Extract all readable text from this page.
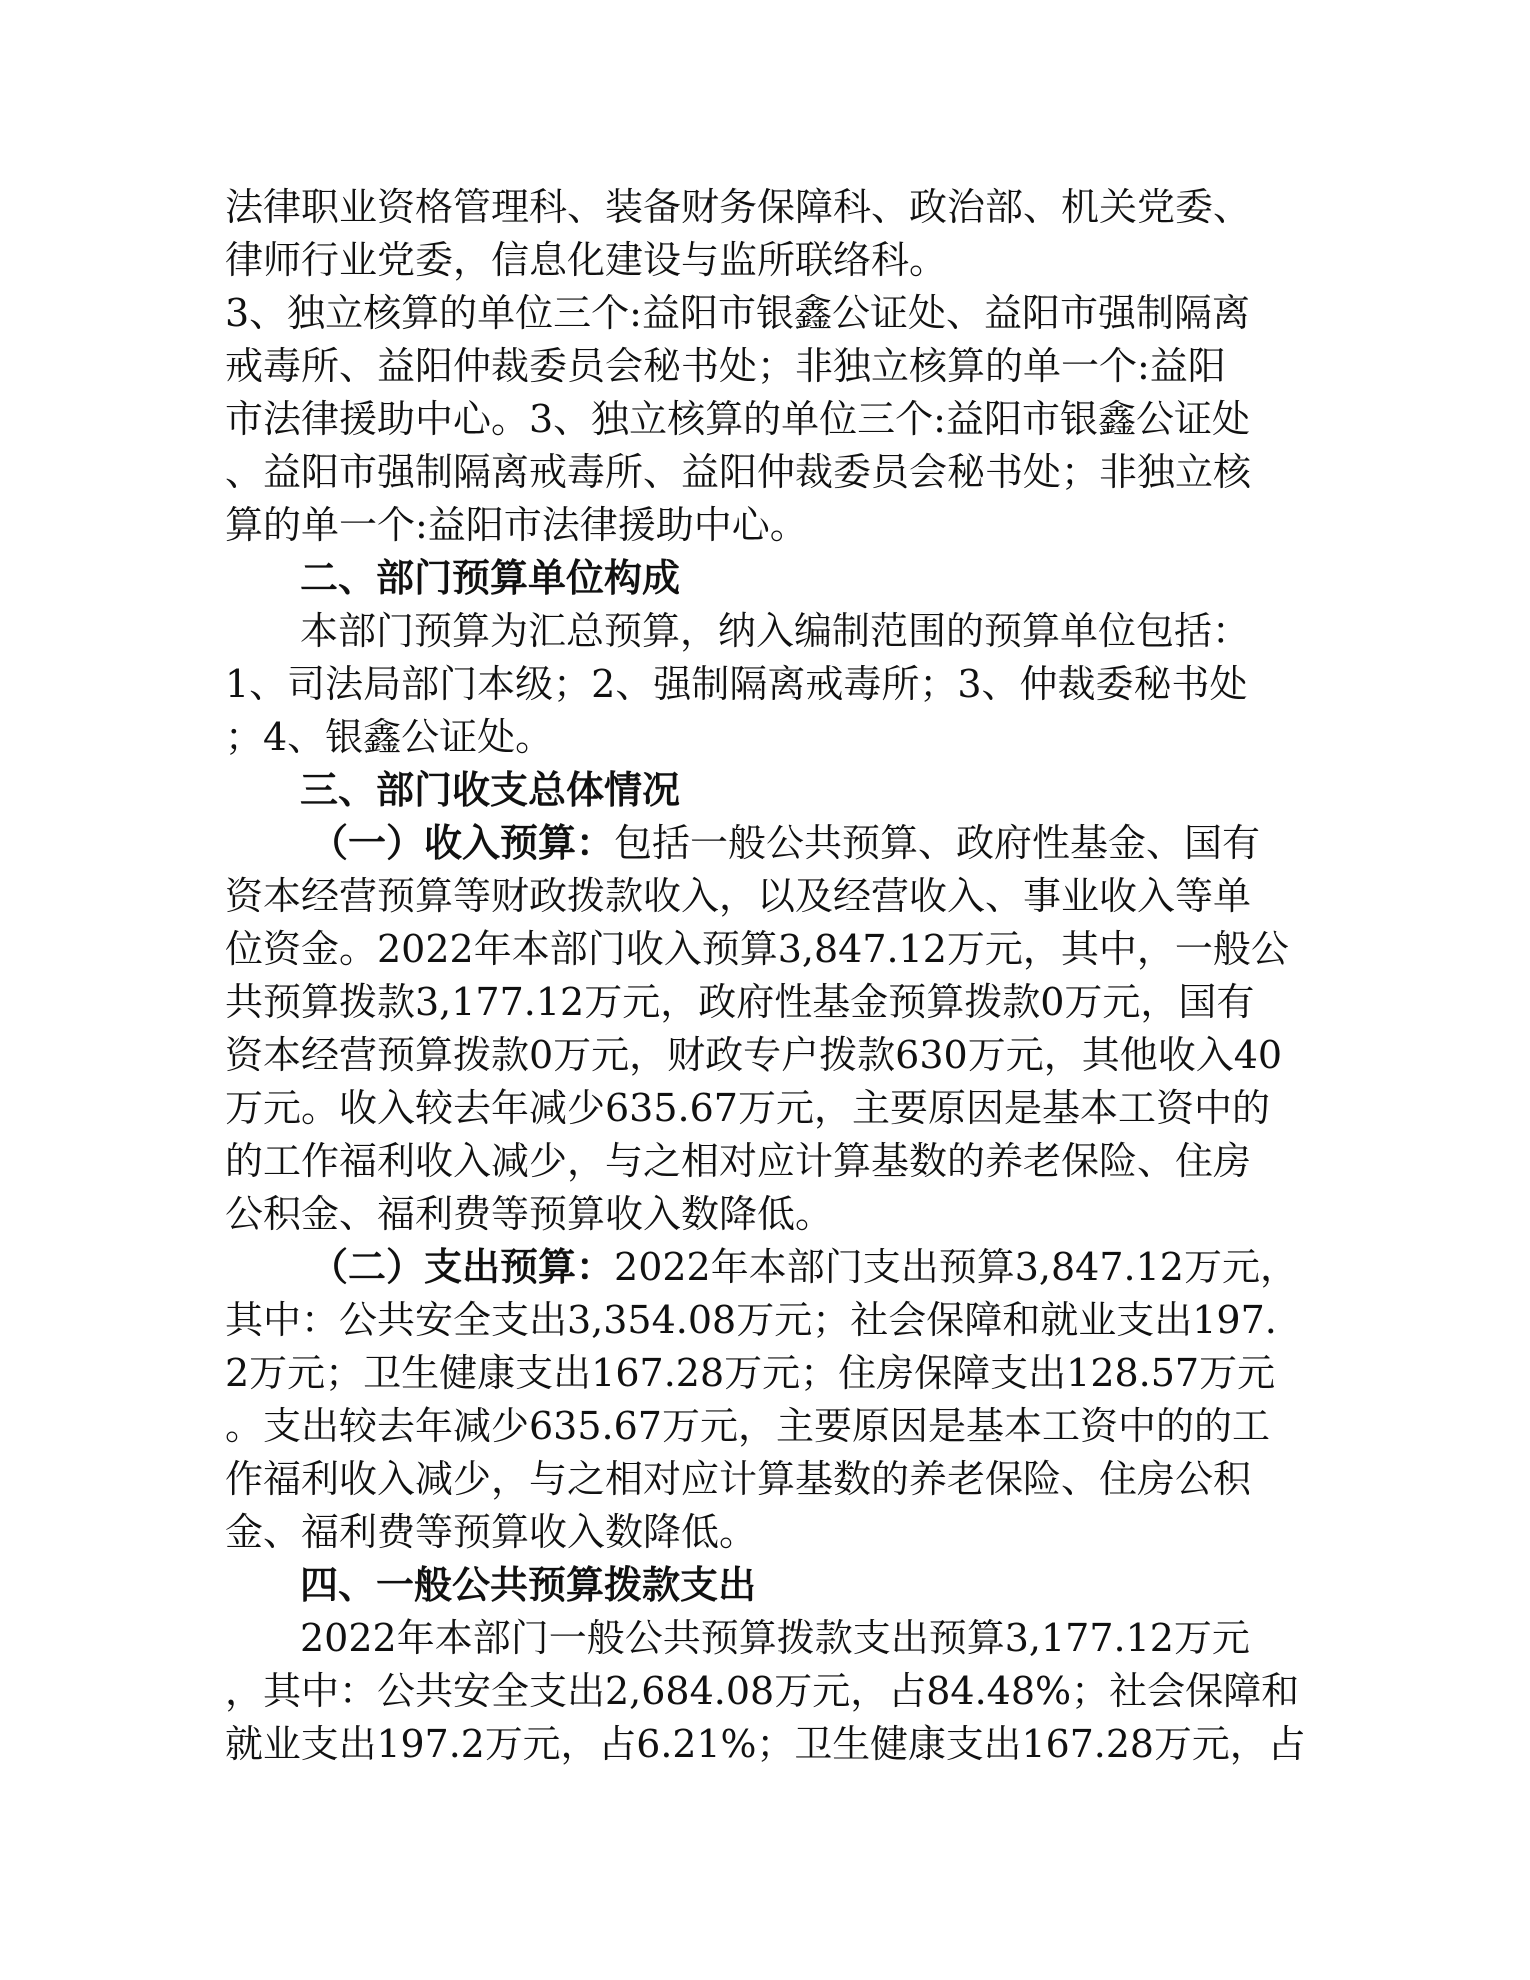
法律职业资格管理科、装备财务保障科、政治部、机关党委、

律师行业党委，信息化建设与监所联络科。

3、独立核算的单位三个:益阳市银鑫公证处、益阳市强制隔离

戒毒所、益阳仲裁委员会秘书处；非独立核算的单一个:益阳

市法律援助中心。3、独立核算的单位三个:益阳市银鑫公证处

、益阳市强制隔离戒毒所、益阳仲裁委员会秘书处；非独立核

算的单一个:益阳市法律援助中心。

二、部门预算单位构成

本部门预算为汇总预算，纳入编制范围的预算单位包括：

1、司法局部门本级；2、强制隔离戒毒所；3、仲裁委秘书处

；4、银鑫公证处。

三、部门收支总体情况

（一）收入预算：包括一般公共预算、政府性基金、国有

资本经营预算等财政拨款收入，以及经营收入、事业收入等单

位资金。2022年本部门收入预算3,847.12万元，其中，一般公

共预算拨款3,177.12万元，政府性基金预算拨款0万元，国有

资本经营预算拨款0万元，财政专户拨款630万元，其他收入40

万元。收入较去年减少635.67万元，主要原因是基本工资中的

的工作福利收入减少，与之相对应计算基数的养老保险、住房

公积金、福利费等预算收入数降低。

（二）支出预算：2022年本部门支出预算3,847.12万元，

其中：公共安全支出3,354.08万元；社会保障和就业支出197.

2万元；卫生健康支出167.28万元；住房保障支出128.57万元

。支出较去年减少635.67万元，主要原因是基本工资中的的工

作福利收入减少，与之相对应计算基数的养老保险、住房公积

金、福利费等预算收入数降低。

四、一般公共预算拨款支出

2022年本部门一般公共预算拨款支出预算3,177.12万元

，其中：公共安全支出2,684.08万元，占84.48%；社会保障和

就业支出197.2万元，占6.21%；卫生健康支出167.28万元，占
